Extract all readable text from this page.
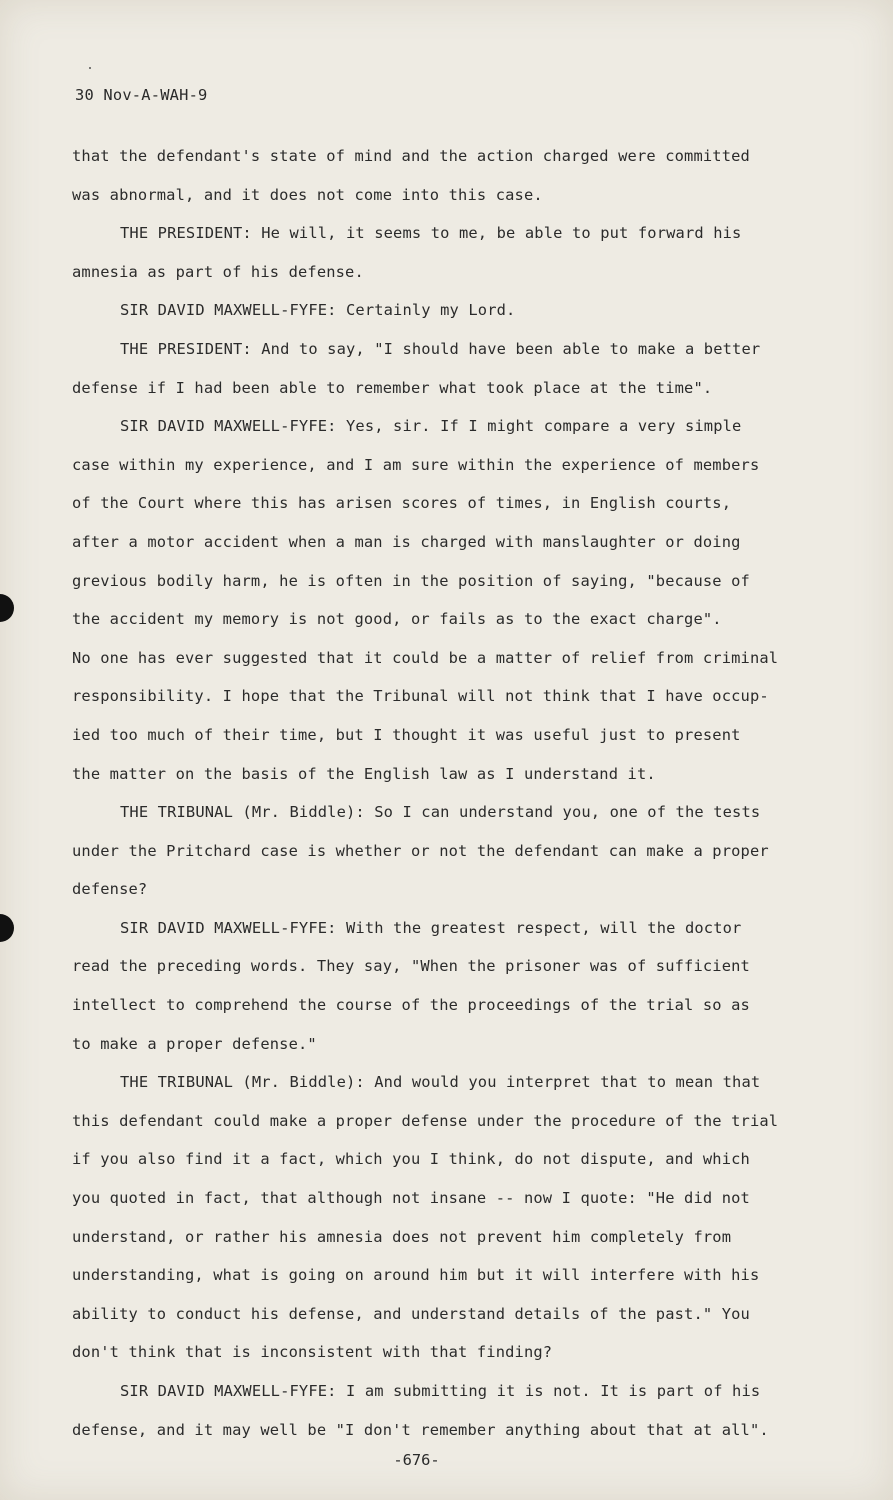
30 Nov-A-WAH-9
that the defendant's state of mind and the action charged were committed
was abnormal, and it does not come into this case.
THE PRESIDENT: He will, it seems to me, be able to put forward his
amnesia as part of his defense.
SIR DAVID MAXWELL-FYFE: Certainly my Lord.
THE PRESIDENT: And to say, "I should have been able to make a better
defense if I had been able to remember what took place at the time".
SIR DAVID MAXWELL-FYFE: Yes, sir. If I might compare a very simple
case within my experience, and I am sure within the experience of members
of the Court where this has arisen scores of times, in English courts,
after a motor accident when a man is charged with manslaughter or doing
grevious bodily harm, he is often in the position of saying, "because of
the accident my memory is not good, or fails as to the exact charge".
No one has ever suggested that it could be a matter of relief from criminal
responsibility. I hope that the Tribunal will not think that I have occup-
ied too much of their time, but I thought it was useful just to present
the matter on the basis of the English law as I understand it.
THE TRIBUNAL (Mr. Biddle): So I can understand you, one of the tests
under the Pritchard case is whether or not the defendant can make a proper
defense?
SIR DAVID MAXWELL-FYFE: With the greatest respect, will the doctor
read the preceding words. They say, "When the prisoner was of sufficient
intellect to comprehend the course of the proceedings of the trial so as
to make a proper defense."
THE TRIBUNAL (Mr. Biddle): And would you interpret that to mean that
this defendant could make a proper defense under the procedure of the trial
if you also find it a fact, which you I think, do not dispute, and which
you quoted in fact, that although not insane -- now I quote: "He did not
understand, or rather his amnesia does not prevent him completely from
understanding, what is going on around him but it will interfere with his
ability to conduct his defense, and understand details of the past." You
don't think that is inconsistent with that finding?
SIR DAVID MAXWELL-FYFE: I am submitting it is not. It is part of his
defense, and it may well be "I don't remember anything about that at all".
-676-
